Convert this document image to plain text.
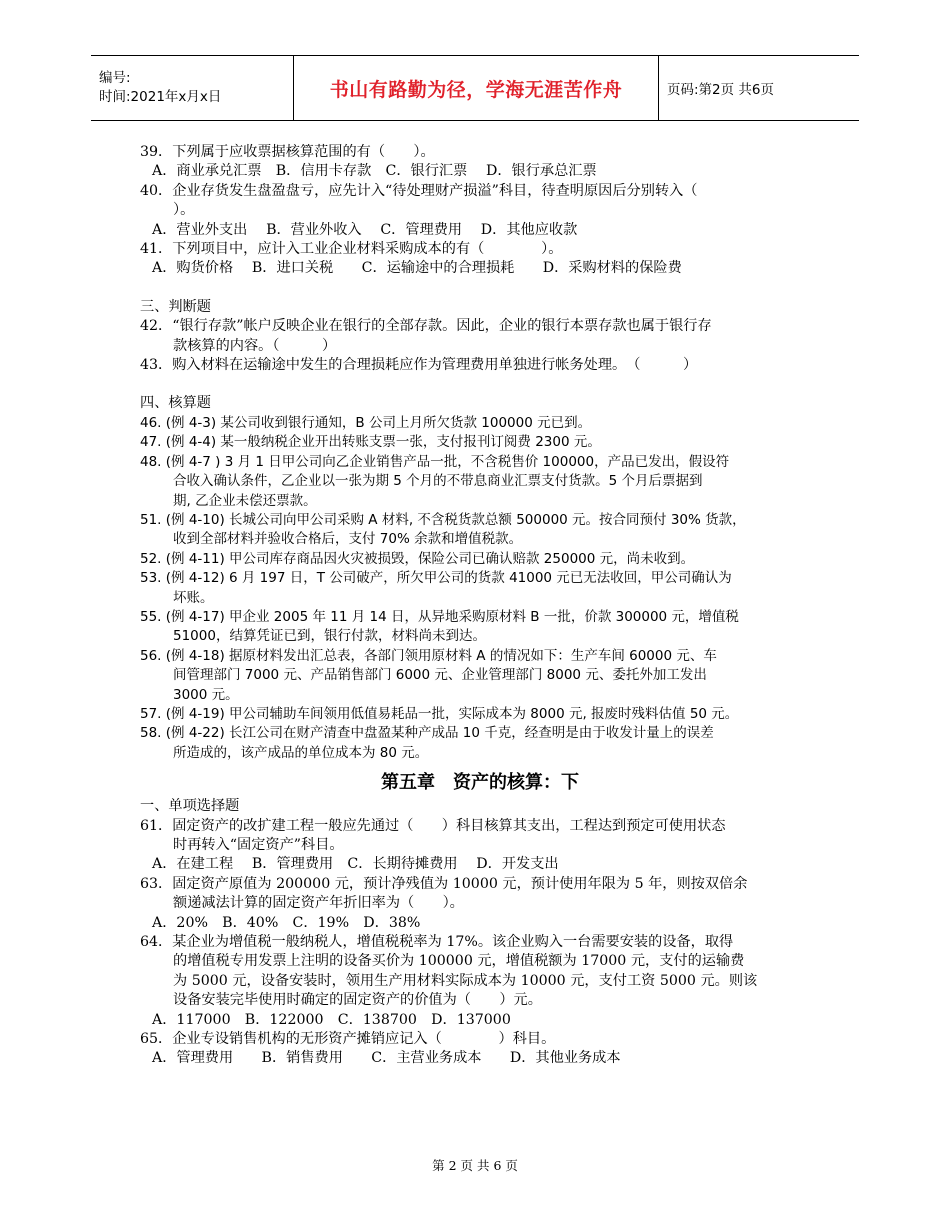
编号:
时间:2021年x月x日	书山有路勤为径，学海无涯苦作舟	页码:第2页 共6页
39．下列属于应收票据核算范围的有（　　）。
A．商业承兑汇票　B．信用卡存款　C．银行汇票　 D．银行承总汇票
40．企业存货发生盘盈盘亏，应先计入“待处理财产损溢”科目，待查明原因后分别转入（
）。
A．营业外支出　 B．营业外收入　 C．管理费用　 D．其他应收款
41．下列项目中，应计入工业企业材料采购成本的有（　　　　）。
A．购货价格　 B．进口关税　　C．运输途中的合理损耗　　D．采购材料的保险费
三、判断题
42．“银行存款”帐户反映企业在银行的全部存款。因此，企业的银行本票存款也属于银行存
款核算的内容。（　　　）
43．购入材料在运输途中发生的合理损耗应作为管理费用单独进行帐务处理。　（　　　）
四、核算题
46. (例 4-3) 某公司收到银行通知，B 公司上月所欠货款 100000 元已到。
47. (例 4-4) 某一般纳税企业开出转账支票一张，支付报刊订阅费 2300 元。
48. (例 4-7 ) 3 月 1 日甲公司向乙企业销售产品一批，不含税售价 100000，产品已发出，假设符
合收入确认条件，乙企业以一张为期 5 个月的不带息商业汇票支付货款。5 个月后票据到
期, 乙企业未偿还票款。
51. (例 4-10) 长城公司向甲公司采购 A 材料, 不含税货款总额 500000 元。按合同预付 30% 货款，
收到全部材料并验收合格后，支付 70% 余款和增值税款。
52. (例 4-11) 甲公司库存商品因火灾被损毁，保险公司已确认赔款 250000 元，尚未收到。
53. (例 4-12) 6 月 197 日，T 公司破产，所欠甲公司的货款 41000 元已无法收回，甲公司确认为
坏账。
55. (例 4-17) 甲企业 2005 年 11 月 14 日，从异地采购原材料 B 一批，价款 300000 元，增值税
51000，结算凭证已到，银行付款，材料尚未到达。
56. (例 4-18) 据原材料发出汇总表，各部门领用原材料 A 的情况如下：生产车间 60000 元、车
间管理部门 7000 元、产品销售部门 6000 元、企业管理部门 8000 元、委托外加工发出
3000 元。
57. (例 4-19) 甲公司辅助车间领用低值易耗品一批，实际成本为 8000 元, 报废时残料估值 50 元。
58. (例 4-22) 长江公司在财产清查中盘盈某种产成品 10 千克，经查明是由于收发计量上的误差
所造成的，该产成品的单位成本为 80 元。
第五章　资产的核算：下
一、单项选择题
61．固定资产的改扩建工程一般应先通过（　　）科目核算其支出，工程达到预定可使用状态
时再转入“固定资产”科目。
A．在建工程　 B．管理费用　C．长期待摊费用　 D．开发支出
63．固定资产原值为 200000 元，预计净残值为 10000 元，预计使用年限为 5 年，则按双倍余
额递减法计算的固定资产年折旧率为（　　）。
A．20%　B．40%　C．19%　D．38%
64．某企业为增值税一般纳税人，增值税税率为 17%。该企业购入一台需要安装的设备，取得
的增值税专用发票上注明的设备买价为 100000 元，增值税额为 17000 元，支付的运输费
为 5000 元，设备安装时，领用生产用材料实际成本为 10000 元，支付工资 5000 元。则该
设备安装完毕使用时确定的固定资产的价值为（　　）元。
A．117000　B．122000　C．138700　D．137000
65．企业专设销售机构的无形资产摊销应记入（　　　　）科目。
A．管理费用　　B．销售费用　　C．主营业务成本　　D．其他业务成本
第 2 页 共 6 页
